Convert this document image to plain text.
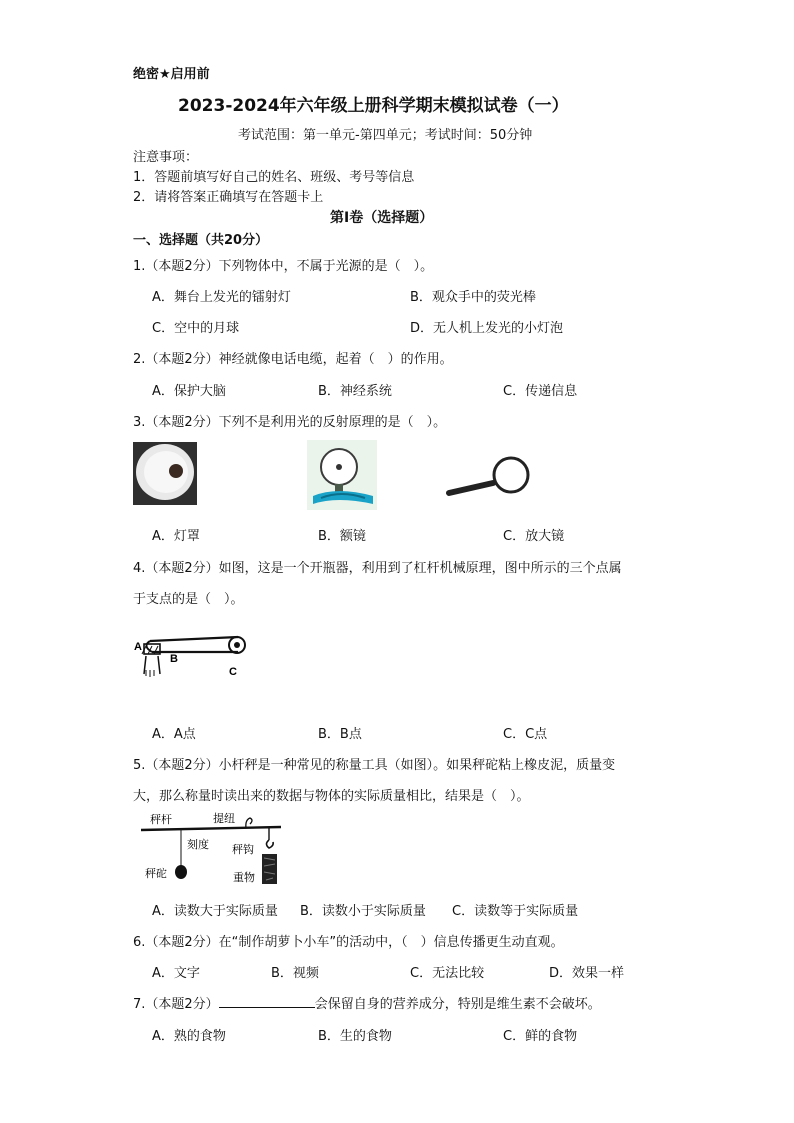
绝密★启用前
2023-2024年六年级上册科学期末模拟试卷（一）
考试范围：第一单元-第四单元；考试时间：50分钟
注意事项：
1．答题前填写好自己的姓名、班级、考号等信息
2．请将答案正确填写在答题卡上
第I卷（选择题）
一、选择题（共20分）
1.（本题2分）下列物体中，不属于光源的是（　）。
A．舞台上发光的镭射灯	B．观众手中的荧光棒
C．空中的月球	D．无人机上发光的小灯泡
2.（本题2分）神经就像电话电缆，起着（　）的作用。
A．保护大脑	B．神经系统	C．传递信息
3.（本题2分）下列不是利用光的反射原理的是（　）。
A．灯罩	B．额镜	C．放大镜
4.（本题2分）如图，这是一个开瓶器，利用到了杠杆机械原理，图中所示的三个点属
于支点的是（　）。
A
B
C
A．A点	B．B点	C．C点
5.（本题2分）小杆秤是一种常见的称量工具（如图）。如果秤砣粘上橡皮泥，质量变
大，那么称量时读出来的数据与物体的实际质量相比，结果是（　）。
秤杆	提纽
刻度 秤钩
秤砣	重物
A．读数大于实际质量 B．读数小于实际质量 C．读数等于实际质量
6.（本题2分）在“制作胡萝卜小车”的活动中，（　）信息传播更生动直观。
A．文字	B．视频	C．无法比较	D．效果一样
7.（本题2分）	会保留自身的营养成分，特别是维生素不会破坏。
A．熟的食物	B．生的食物	C．鲜的食物
